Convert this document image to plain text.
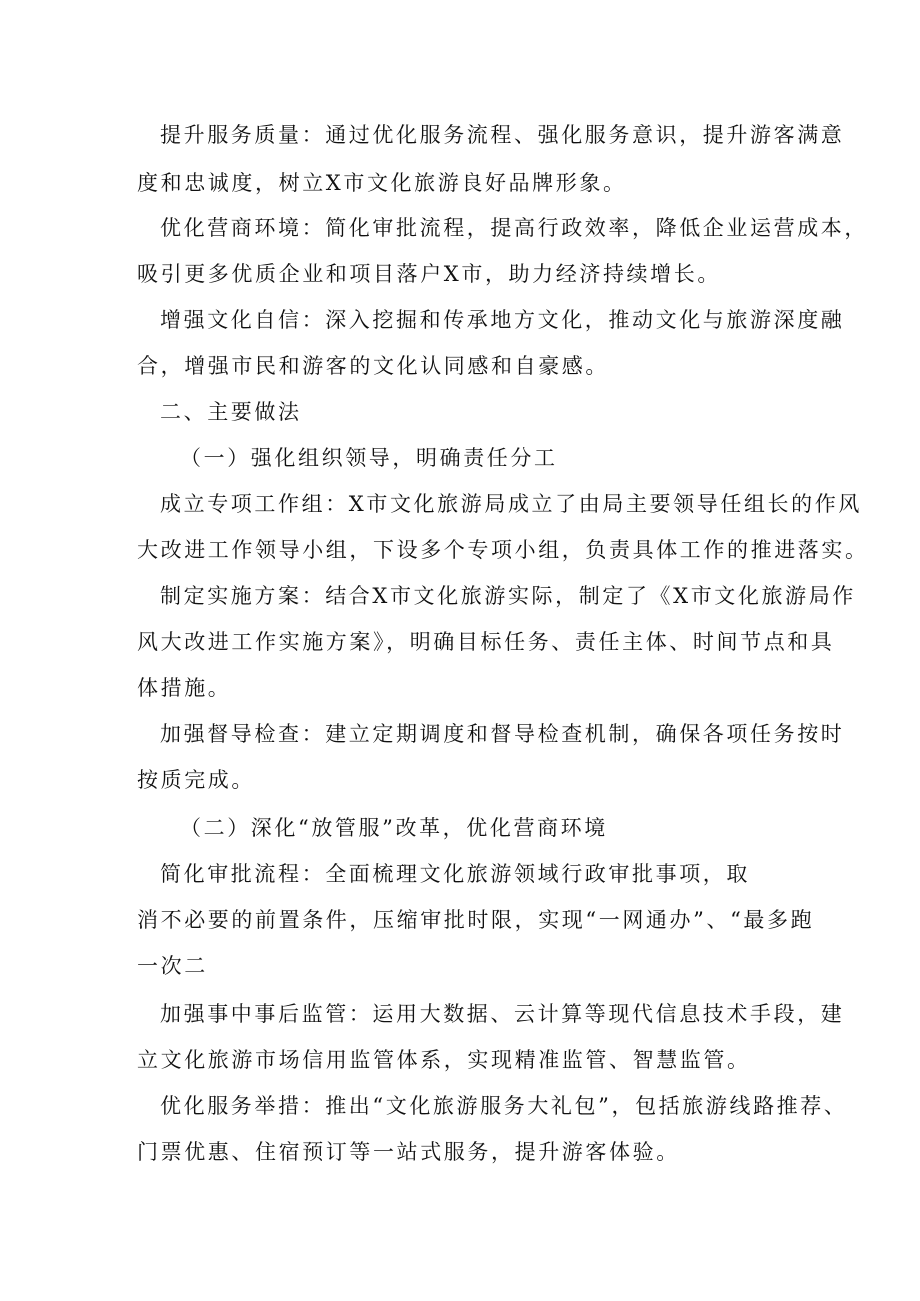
提升服务质量：通过优化服务流程、强化服务意识，提升游客满意
度和忠诚度，树立X市文化旅游良好品牌形象。
优化营商环境：简化审批流程，提高行政效率，降低企业运营成本，
吸引更多优质企业和项目落户X市，助力经济持续增长。
增强文化自信：深入挖掘和传承地方文化，推动文化与旅游深度融
合，增强市民和游客的文化认同感和自豪感。
二、主要做法
（一）强化组织领导，明确责任分工
成立专项工作组：X市文化旅游局成立了由局主要领导任组长的作风
大改进工作领导小组，下设多个专项小组，负责具体工作的推进落实。
制定实施方案：结合X市文化旅游实际，制定了《X市文化旅游局作
风大改进工作实施方案》，明确目标任务、责任主体、时间节点和具
体措施。
加强督导检查：建立定期调度和督导检查机制，确保各项任务按时
按质完成。
（二）深化“放管服”改革，优化营商环境
简化审批流程：全面梳理文化旅游领域行政审批事项，取
消不必要的前置条件，压缩审批时限，实现“一网通办”、“最多跑
一次二
加强事中事后监管：运用大数据、云计算等现代信息技术手段，建
立文化旅游市场信用监管体系，实现精准监管、智慧监管。
优化服务举措：推出“文化旅游服务大礼包”，包括旅游线路推荐、
门票优惠、住宿预订等一站式服务，提升游客体验。
